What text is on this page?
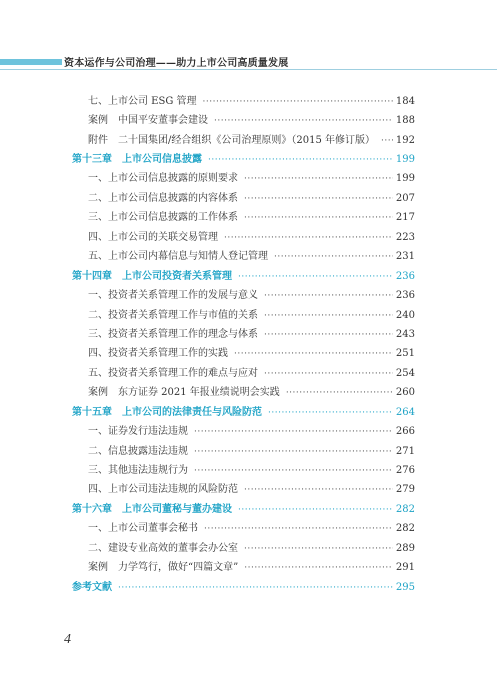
资本运作与公司治理——助力上市公司高质量发展
七、上市公司 ESG 管理 ·····	184
案例　中国平安董事会建设 ·····	188
附件　二十国集团/经合组织《公司治理原则》（2015 年修订版） ····· 192
第十三章　上市公司信息披露 ·····	199
一、上市公司信息披露的原则要求 ·····	199
二、上市公司信息披露的内容体系 ·····	207
三、上市公司信息披露的工作体系 ·····	217
四、上市公司的关联交易管理 ·····	223
五、上市公司内幕信息与知情人登记管理 ·····	231
第十四章　上市公司投资者关系管理 ·····	236
一、投资者关系管理工作的发展与意义 ·····	236
二、投资者关系管理工作与市值的关系 ·····	240
三、投资者关系管理工作的理念与体系 ·····	243
四、投资者关系管理工作的实践 ·····	251
五、投资者关系管理工作的难点与应对 ·····	254
案例　东方证券 2021 年报业绩说明会实践 ·····	260
第十五章　上市公司的法律责任与风险防范 ·····	264
一、证券发行违法违规 ·····	266
二、信息披露违法违规 ·····	271
三、其他违法违规行为 ·····	276
四、上市公司违法违规的风险防范 ·····	279
第十六章　上市公司董秘与董办建设 ·····	282
一、上市公司董事会秘书 ·····	282
二、建设专业高效的董事会办公室 ·····	289
案例　力学笃行，做好“四篇文章” ·····	291
参考文献 ·····	295
4
